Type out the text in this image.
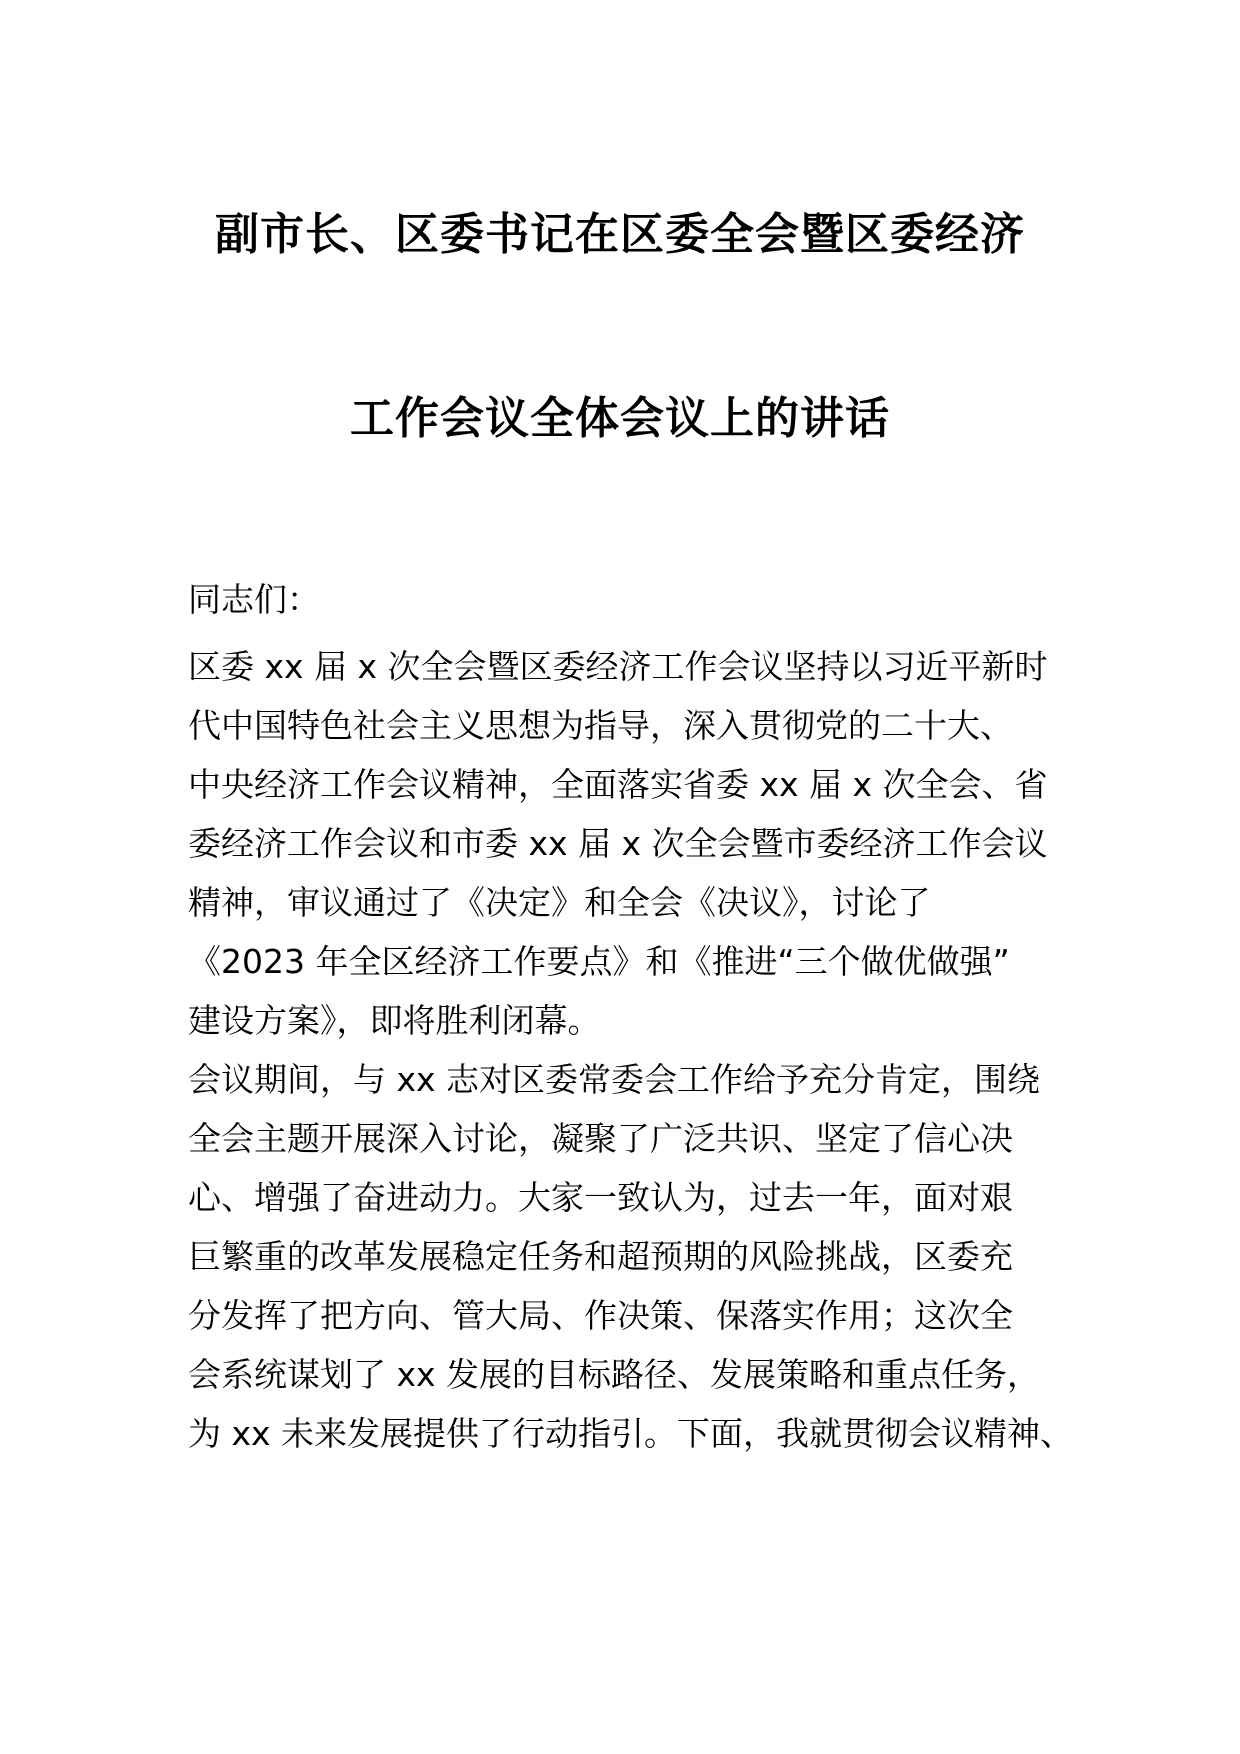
副市长、区委书记在区委全会暨区委经济
工作会议全体会议上的讲话
同志们：
区委 xx 届 x 次全会暨区委经济工作会议坚持以习近平新时
代中国特色社会主义思想为指导，深入贯彻党的二十大、
中央经济工作会议精神，全面落实省委 xx 届 x 次全会、省
委经济工作会议和市委 xx 届 x 次全会暨市委经济工作会议
精神，审议通过了《决定》和全会《决议》，讨论了
《2023 年全区经济工作要点》和《推进“三个做优做强”
建设方案》，即将胜利闭幕。
会议期间，与 xx 志对区委常委会工作给予充分肯定，围绕
全会主题开展深入讨论，凝聚了广泛共识、坚定了信心决
心、增强了奋进动力。大家一致认为，过去一年，面对艰
巨繁重的改革发展稳定任务和超预期的风险挑战，区委充
分发挥了把方向、管大局、作决策、保落实作用；这次全
会系统谋划了 xx 发展的目标路径、发展策略和重点任务，
为 xx 未来发展提供了行动指引。下面，我就贯彻会议精神、
